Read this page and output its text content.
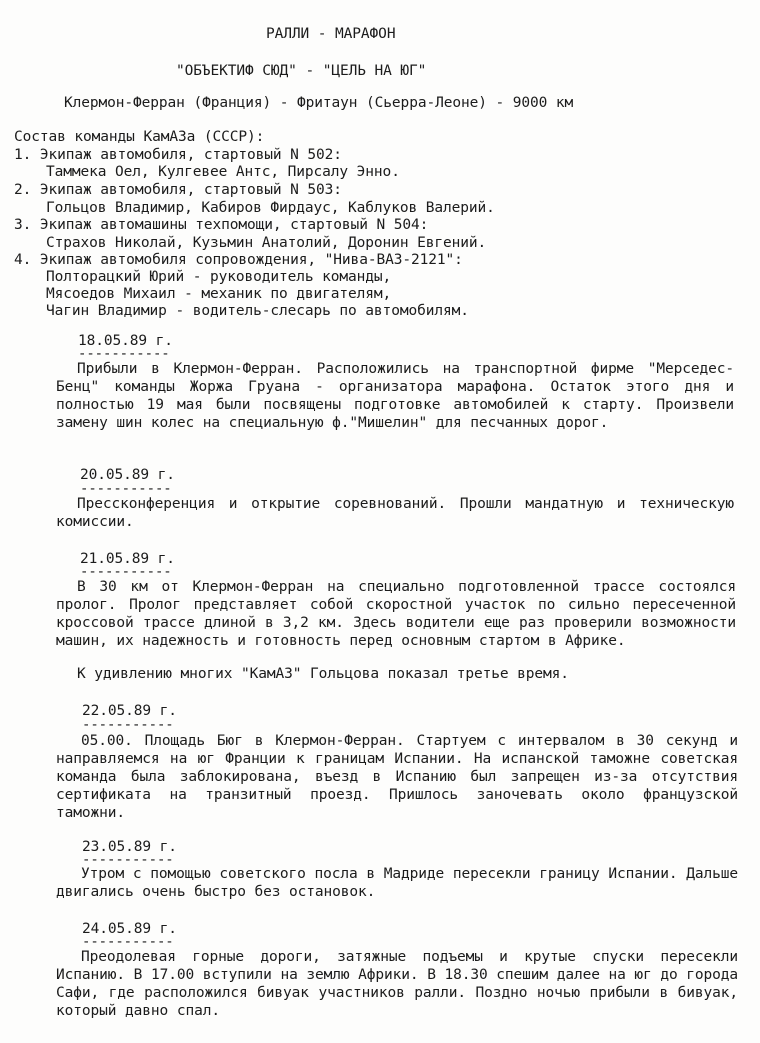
РАЛЛИ - МАРАФОН
"ОБЪЕКТИФ СЮД" - "ЦЕЛЬ НА ЮГ"
Клермон-Ферран (Франция) - Фритаун (Сьерра-Леоне) - 9000 км
Состав команды КамАЗа (СССР):
1. Экипаж автомобиля, стартовый N 502:
Таммека Оел, Кулгевее Антс, Пирсалу Энно.
2. Экипаж автомобиля, стартовый N 503:
Гольцов Владимир, Кабиров Фирдаус, Каблуков Валерий.
3. Экипаж автомашины техпомощи, стартовый N 504:
Страхов Николай, Кузьмин Анатолий, Доронин Евгений.
4. Экипаж автомобиля сопровождения, "Нива-ВАЗ-2121":
Полторацкий Юрий - руководитель команды,
Мясоедов Михаил - механик по двигателям,
Чагин Владимир - водитель-слесарь по автомобилям.
18.05.89 г.
-----------
Прибыли в Клермон-Ферран. Расположились на транспортной фирме "Мерседес-Бенц" команды Жоржа Груана - организатора марафона. Остаток этого дня и полностью 19 мая были посвящены подготовке автомобилей к старту. Произвели замену шин колес на специальную ф."Мишелин" для песчанных дорог.
20.05.89 г.
-----------
Прессконференция и открытие соревнований. Прошли мандатную и техническую комиссии.
21.05.89 г.
-----------
В 30 км от Клермон-Ферран на специально подготовленной трассе состоялся пролог. Пролог представляет собой скоростной участок по сильно пересеченной кроссовой трассе длиной в 3,2 км. Здесь водители еще раз проверили возможности машин, их надежность и готовность перед основным стартом в Африке.
К удивлению многих "КамАЗ" Гольцова показал третье время.
22.05.89 г.
-----------
05.00. Площадь Бюг в Клермон-Ферран. Стартуем с интервалом в 30 секунд и направляемся на юг Франции к границам Испании. На испанской таможне советская команда была заблокирована, въезд в Испанию был запрещен из-за отсутствия сертификата на транзитный проезд. Пришлось заночевать около французской таможни.
23.05.89 г.
-----------
Утром с помощью советского посла в Мадриде пересекли границу Испании. Дальше двигались очень быстро без остановок.
24.05.89 г.
-----------
Преодолевая горные дороги, затяжные подъемы и крутые спуски пересекли Испанию. В 17.00 вступили на землю Африки. В 18.30 спешим далее на юг до города Сафи, где расположился бивуак участников ралли. Поздно ночью прибыли в бивуак, который давно спал.
